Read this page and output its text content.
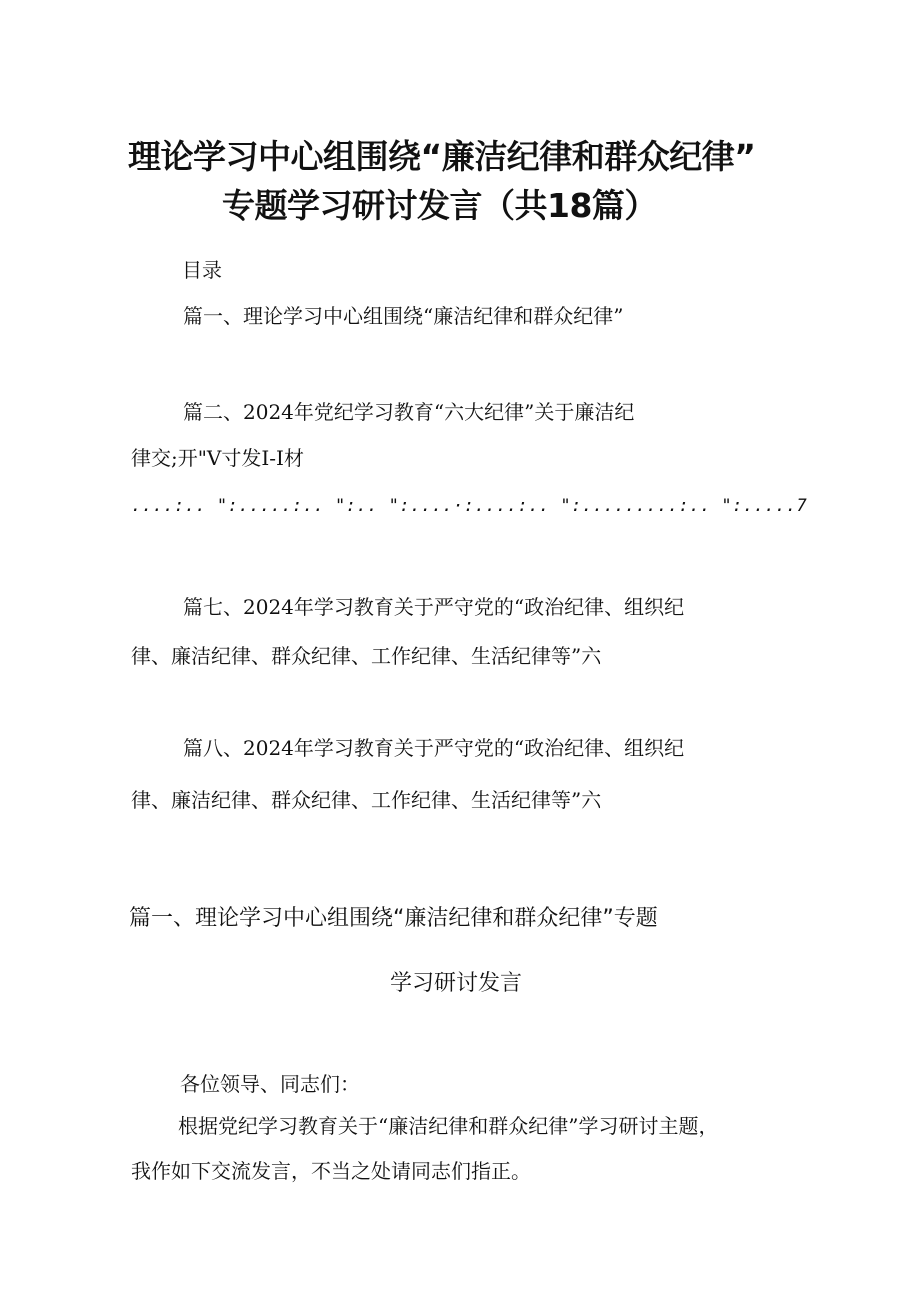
理论学习中心组围绕“廉洁纪律和群众纪律”
专题学习研讨发言（共18篇）
目录
篇一、理论学习中心组围绕“廉洁纪律和群众纪律”
篇二、2024年党纪学习教育“六大纪律”关于廉洁纪
律交;开"V寸发I-I材
....:.. ":.....:.. ":.. ":....·:....:.. ":.........:.. ":.....7
篇七、2024年学习教育关于严守党的“政治纪律、组织纪
律、廉洁纪律、群众纪律、工作纪律、生活纪律等”六
篇八、2024年学习教育关于严守党的“政治纪律、组织纪
律、廉洁纪律、群众纪律、工作纪律、生活纪律等”六
篇一、理论学习中心组围绕“廉洁纪律和群众纪律”专题
学习研讨发言
各位领导、同志们：
根据党纪学习教育关于“廉洁纪律和群众纪律”学习研讨主题，
我作如下交流发言，不当之处请同志们指正。
